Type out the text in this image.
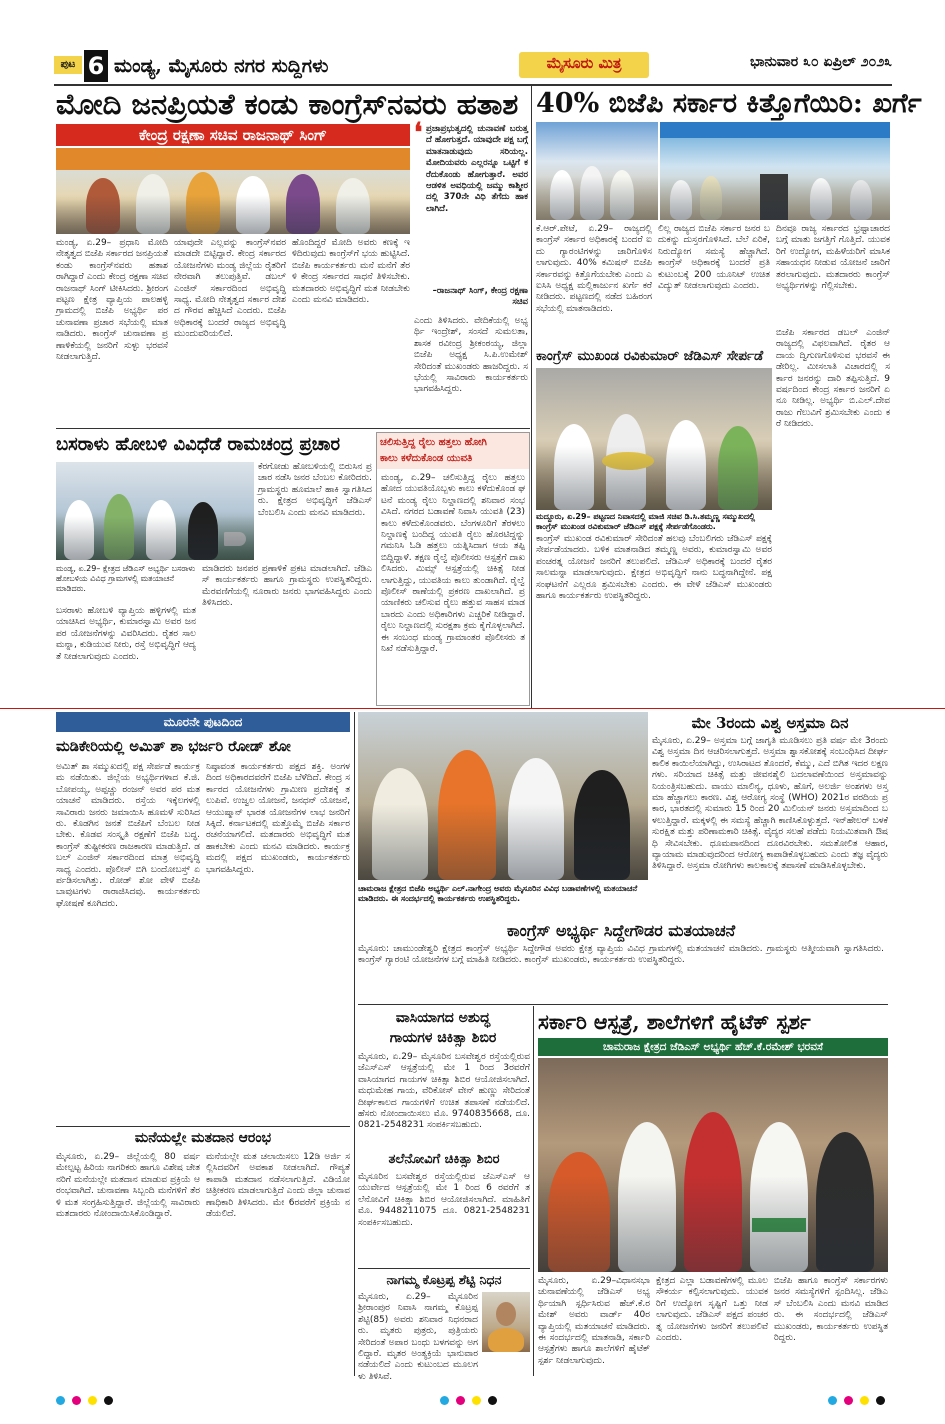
ಪುಟ 6 ಮಂಡ್ಯ, ಮೈಸೂರು ನಗರ ಸುದ್ದಿಗಳು	ಮೈಸೂರು ಮಿತ್ರ	ಭಾನುವಾರ ೩೦ ಏಪ್ರಿಲ್ ೨೦೨೩
ಮೋದಿ ಜನಪ್ರಿಯತೆ ಕಂಡು ಕಾಂಗ್ರೆಸ್‌ನವರು ಹತಾಶ
ಕೇಂದ್ರ ರಕ್ಷಣಾ ಸಚಿವ ರಾಜನಾಥ್ ಸಿಂಗ್	❛ ಪ್ರಜಾಪ್ರಭುತ್ವದಲ್ಲಿ ಚುನಾವಣೆ ಬರುತ್ತದೆ ಹೋಗುತ್ತದೆ. ಯಾವುದೇ ಪಕ್ಷ ಬಗ್ಗೆ ಮಾತನಾಡುವುದು ಸರಿಯಲ್ಲ. ಮೋದಿಯವರು ಎಲ್ಲರನ್ನೂ ಒಟ್ಟಿಗೆ ಕರೆದುಕೊಂಡು ಹೋಗುತ್ತಾರೆ. ಅವರ ಆಡಳಿತ ಅವಧಿಯಲ್ಲಿ ಜಮ್ಮು ಕಾಶ್ಮೀರದಲ್ಲಿ 370ನೇ ವಿಧಿ ತೆಗೆದು ಹಾಕಲಾಗಿದೆ.
–ರಾಜನಾಥ್ ಸಿಂಗ್, ಕೇಂದ್ರ ರಕ್ಷಣಾ ಸಚಿವ
ಮಂಡ್ಯ, ಏ.29– ಪ್ರಧಾನಿ ಮೋದಿ ನೇತೃತ್ವದ ಬಿಜೆಪಿ ಸರ್ಕಾರದ ಜನಪ್ರಿಯತೆ ಕಂಡು ಕಾಂಗ್ರೆಸ್‌ನವರು ಹತಾಶರಾಗಿದ್ದಾರೆ ಎಂದು ಕೇಂದ್ರ ರಕ್ಷಣಾ ಸಚಿವ ರಾಜನಾಥ್ ಸಿಂಗ್ ಟೀಕಿಸಿದರು. ಶ್ರೀರಂಗಪಟ್ಟಣ ಕ್ಷೇತ್ರ ವ್ಯಾಪ್ತಿಯ ಪಾಲಹಳ್ಳಿ ಗ್ರಾಮದಲ್ಲಿ ಬಿಜೆಪಿ ಅಭ್ಯರ್ಥಿ ಪರ ಚುನಾವಣಾ ಪ್ರಚಾರ ಸಭೆಯಲ್ಲಿ ಮಾತನಾಡಿದರು. ಕಾಂಗ್ರೆಸ್ ಚುನಾವಣಾ ಪ್ರಣಾಳಿಕೆಯಲ್ಲಿ ಜನರಿಗೆ ಸುಳ್ಳು ಭರವಸೆ ನೀಡಲಾಗುತ್ತಿದೆ.
ಯಾವುದೇ ಎಲ್ಲವನ್ನು ಕಾಂಗ್ರೆಸ್‌ನವರ ಮಾಡದೇ ಬಿಟ್ಟಿದ್ದಾರೆ. ಕೇಂದ್ರ ಸರ್ಕಾರದ ಯೋಜನೆಗಳು ಮಂಡ್ಯ ಜಿಲ್ಲೆಯ ರೈತರಿಗೆ ನೇರವಾಗಿ ತಲುಪುತ್ತಿವೆ. ಡಬಲ್ ಎಂಜಿನ್ ಸರ್ಕಾರದಿಂದ ಅಭಿವೃದ್ಧಿ ಸಾಧ್ಯ. ಮೋದಿ ನೇತೃತ್ವದ ಸರ್ಕಾರ ದೇಶದ ಗೌರವ ಹೆಚ್ಚಿಸಿದೆ ಎಂದರು. ಬಿಜೆಪಿ ಅಧಿಕಾರಕ್ಕೆ ಬಂದರೆ ರಾಜ್ಯದ ಅಭಿವೃದ್ಧಿ ಮುಂದುವರಿಯಲಿದೆ.
ಹೊಂದಿದ್ದರೆ ಮೋದಿ ಅವರು ಕಣಕ್ಕೆ ಇಳಿದಿರುವುದು ಕಾಂಗ್ರೆಸ್‌ಗೆ ಭಯ ಹುಟ್ಟಿಸಿದೆ. ಬಿಜೆಪಿ ಕಾರ್ಯಕರ್ತರು ಮನೆ ಮನೆಗೆ ತೆರಳಿ ಕೇಂದ್ರ ಸರ್ಕಾರದ ಸಾಧನೆ ತಿಳಿಸಬೇಕು. ಮತದಾರರು ಅಭಿವೃದ್ಧಿಗೆ ಮತ ನೀಡಬೇಕು ಎಂದು ಮನವಿ ಮಾಡಿದರು.
ಎಂದು ತಿಳಿಸಿದರು. ವೇದಿಕೆಯಲ್ಲಿ ಅಭ್ಯರ್ಥಿ ಇಂದ್ರೇಶ್, ಸಂಸದೆ ಸುಮಲತಾ, ಶಾಸಕ ರವೀಂದ್ರ ಶ್ರೀಕಂಠಯ್ಯ, ಜಿಲ್ಲಾ ಬಿಜೆಪಿ ಅಧ್ಯಕ್ಷ ಸಿ.ಪಿ.ಉಮೇಶ್ ಸೇರಿದಂತೆ ಮುಖಂಡರು ಹಾಜರಿದ್ದರು. ಸಭೆಯಲ್ಲಿ ಸಾವಿರಾರು ಕಾರ್ಯಕರ್ತರು ಭಾಗವಹಿಸಿದ್ದರು.
40% ಬಿಜೆಪಿ ಸರ್ಕಾರ ಕಿತ್ತೊಗೆಯಿರಿ: ಖರ್ಗೆ
ಕೆ.ಆರ್.ಪೇಟೆ, ಏ.29– ರಾಜ್ಯದಲ್ಲಿ ಕಾಂಗ್ರೆಸ್ ಸರ್ಕಾರ ಅಧಿಕಾರಕ್ಕೆ ಬಂದರೆ ಐದು ಗ್ಯಾರಂಟಿಗಳನ್ನು ಜಾರಿಗೊಳಿಸಲಾಗುವುದು. 40% ಕಮಿಷನ್ ಬಿಜೆಪಿ ಸರ್ಕಾರವನ್ನು ಕಿತ್ತೊಗೆಯಬೇಕು ಎಂದು ಎಐಸಿಸಿ ಅಧ್ಯಕ್ಷ ಮಲ್ಲಿಕಾರ್ಜುನ ಖರ್ಗೆ ಕರೆ ನೀಡಿದರು. ಪಟ್ಟಣದಲ್ಲಿ ನಡೆದ ಬಹಿರಂಗ ಸಭೆಯಲ್ಲಿ ಮಾತನಾಡಿದರು.
ಲಿಲ್ಲ ರಾಜ್ಯದ ಬಿಜೆಪಿ ಸರ್ಕಾರ ಜನರ ಬದುಕನ್ನು ದುಸ್ತರಗೊಳಿಸಿದೆ. ಬೆಲೆ ಏರಿಕೆ, ನಿರುದ್ಯೋಗ ಸಮಸ್ಯೆ ಹೆಚ್ಚಾಗಿದೆ. ಕಾಂಗ್ರೆಸ್ ಅಧಿಕಾರಕ್ಕೆ ಬಂದರೆ ಪ್ರತಿ ಕುಟುಂಬಕ್ಕೆ 200 ಯೂನಿಟ್ ಉಚಿತ ವಿದ್ಯುತ್ ನೀಡಲಾಗುವುದು ಎಂದರು.
ದಿನವೂ ರಾಜ್ಯ ಸರ್ಕಾರದ ಭ್ರಷ್ಟಾಚಾರದ ಬಗ್ಗೆ ಮಾತು ಜಗತ್ತಿಗೆ ಗೊತ್ತಿದೆ. ಯುವಕರಿಗೆ ಉದ್ಯೋಗ, ಮಹಿಳೆಯರಿಗೆ ಮಾಸಿಕ ಸಹಾಯಧನ ನೀಡುವ ಯೋಜನೆ ಜಾರಿಗೆ ತರಲಾಗುವುದು. ಮತದಾರರು ಕಾಂಗ್ರೆಸ್ ಅಭ್ಯರ್ಥಿಗಳನ್ನು ಗೆಲ್ಲಿಸಬೇಕು.
ಬಿಜೆಪಿ ಸರ್ಕಾರದ ಡಬಲ್ ಎಂಜಿನ್ ರಾಜ್ಯದಲ್ಲಿ ವಿಫಲವಾಗಿದೆ. ರೈತರ ಆದಾಯ ದ್ವಿಗುಣಗೊಳಿಸುವ ಭರವಸೆ ಈಡೇರಿಲ್ಲ. ಮೀಸಲಾತಿ ವಿಚಾರದಲ್ಲಿ ಸರ್ಕಾರ ಜನರನ್ನು ದಾರಿ ತಪ್ಪಿಸುತ್ತಿದೆ. 9 ವರ್ಷದಿಂದ ಕೇಂದ್ರ ಸರ್ಕಾರ ಜನರಿಗೆ ಏನೂ ನೀಡಿಲ್ಲ. ಅಭ್ಯರ್ಥಿ ಬಿ.ಎಲ್.ದೇವರಾಜು ಗೆಲುವಿಗೆ ಶ್ರಮಿಸಬೇಕು ಎಂದು ಕರೆ ನೀಡಿದರು.
ಕಾಂಗ್ರೆಸ್ ಮುಖಂಡ ರವಿಕುಮಾರ್ ಜೆಡಿಎಸ್ ಸೇರ್ಪಡೆ
ಮದ್ದೂರು, ಏ.29– ಪಟ್ಟಣದ ನಿವಾಸದಲ್ಲಿ ಮಾಜಿ ಸಚಿವ ಡಿ.ಸಿ.ತಮ್ಮಣ್ಣ ಸಮ್ಮುಖದಲ್ಲಿ ಕಾಂಗ್ರೆಸ್ ಮುಖಂಡ ರವಿಕುಮಾರ್ ಜೆಡಿಎಸ್ ಪಕ್ಷಕ್ಕೆ ಸೇರ್ಪಡೆಗೊಂಡರು.
ಕಾಂಗ್ರೆಸ್ ಮುಖಂಡ ರವಿಕುಮಾರ್ ಸೇರಿದಂತೆ ಹಲವು ಬೆಂಬಲಿಗರು ಜೆಡಿಎಸ್ ಪಕ್ಷಕ್ಕೆ ಸೇರ್ಪಡೆಯಾದರು. ಬಳಿಕ ಮಾತನಾಡಿದ ತಮ್ಮಣ್ಣ ಅವರು, ಕುಮಾರಸ್ವಾಮಿ ಅವರ ಪಂಚರತ್ನ ಯೋಜನೆ ಜನರಿಗೆ ತಲುಪಲಿದೆ. ಜೆಡಿಎಸ್ ಅಧಿಕಾರಕ್ಕೆ ಬಂದರೆ ರೈತರ ಸಾಲಮನ್ನಾ ಮಾಡಲಾಗುವುದು. ಕ್ಷೇತ್ರದ ಅಭಿವೃದ್ಧಿಗೆ ನಾನು ಬದ್ಧನಾಗಿದ್ದೇನೆ. ಪಕ್ಷ ಸಂಘಟನೆಗೆ ಎಲ್ಲರೂ ಶ್ರಮಿಸಬೇಕು ಎಂದರು. ಈ ವೇಳೆ ಜೆಡಿಎಸ್ ಮುಖಂಡರು ಹಾಗೂ ಕಾರ್ಯಕರ್ತರು ಉಪಸ್ಥಿತರಿದ್ದರು.
ಬಸರಾಳು ಹೋಬಳಿ ವಿವಿಧೆಡೆ ರಾಮಚಂದ್ರ ಪ್ರಚಾರ
ಕೆರಗೋಡು ಹೋಬಳಿಯಲ್ಲಿ ಬಿರುಸಿನ ಪ್ರಚಾರ ನಡೆಸಿ ಜನರ ಬೆಂಬಲ ಕೋರಿದರು. ಗ್ರಾಮಸ್ಥರು ಹೂಮಾಲೆ ಹಾಕಿ ಸ್ವಾಗತಿಸಿದರು. ಕ್ಷೇತ್ರದ ಅಭಿವೃದ್ಧಿಗೆ ಜೆಡಿಎಸ್ ಬೆಂಬಲಿಸಿ ಎಂದು ಮನವಿ ಮಾಡಿದರು.
ಮಂಡ್ಯ, ಏ.29– ಕ್ಷೇತ್ರದ ಜೆಡಿಎಸ್ ಅಭ್ಯರ್ಥಿ ಬಸರಾಳು ಹೋಬಳಿಯ ವಿವಿಧ ಗ್ರಾಮಗಳಲ್ಲಿ ಮತಯಾಚನೆ ಮಾಡಿದರು.
ಬಸರಾಳು ಹೋಬಳಿ ವ್ಯಾಪ್ತಿಯ ಹಳ್ಳಿಗಳಲ್ಲಿ ಮತ ಯಾಚಿಸಿದ ಅಭ್ಯರ್ಥಿ, ಕುಮಾರಸ್ವಾಮಿ ಅವರ ಜನಪರ ಯೋಜನೆಗಳನ್ನು ವಿವರಿಸಿದರು. ರೈತರ ಸಾಲಮನ್ನಾ, ಕುಡಿಯುವ ನೀರು, ರಸ್ತೆ ಅಭಿವೃದ್ಧಿಗೆ ಆದ್ಯತೆ ನೀಡಲಾಗುವುದು ಎಂದರು.
ಮಾಡಿದರು ಜನಪರ ಪ್ರಣಾಳಿಕೆ ಪ್ರಕಟ ಮಾಡಲಾಗಿದೆ. ಜೆಡಿಎಸ್ ಕಾರ್ಯಕರ್ತರು ಹಾಗೂ ಗ್ರಾಮಸ್ಥರು ಉಪಸ್ಥಿತರಿದ್ದರು. ಮೆರವಣಿಗೆಯಲ್ಲಿ ನೂರಾರು ಜನರು ಭಾಗವಹಿಸಿದ್ದರು ಎಂದು ತಿಳಿಸಿದರು.
ಚಲಿಸುತ್ತಿದ್ದ ರೈಲು ಹತ್ತಲು ಹೋಗಿ
ಕಾಲು ಕಳೆದುಕೊಂಡ ಯುವತಿ
ಮಂಡ್ಯ, ಏ.29– ಚಲಿಸುತ್ತಿದ್ದ ರೈಲು ಹತ್ತಲು ಹೋದ ಯುವತಿಯೊಬ್ಬಳು ಕಾಲು ಕಳೆದುಕೊಂಡ ಘಟನೆ ಮಂಡ್ಯ ರೈಲು ನಿಲ್ದಾಣದಲ್ಲಿ ಶನಿವಾರ ಸಂಭವಿಸಿದೆ. ನಗರದ ಬಡಾವಣೆ ನಿವಾಸಿ ಯುವತಿ (23) ಕಾಲು ಕಳೆದುಕೊಂಡವರು. ಬೆಂಗಳೂರಿಗೆ ತೆರಳಲು ನಿಲ್ದಾಣಕ್ಕೆ ಬಂದಿದ್ದ ಯುವತಿ ರೈಲು ಹೊರಟಿದ್ದನ್ನು ಗಮನಿಸಿ ಓಡಿ ಹತ್ತಲು ಯತ್ನಿಸಿದಾಗ ಆಯ ತಪ್ಪಿ ಬಿದ್ದಿದ್ದಾಳೆ. ತಕ್ಷಣ ರೈಲ್ವೆ ಪೊಲೀಸರು ಆಸ್ಪತ್ರೆಗೆ ದಾಖಲಿಸಿದರು. ಮಿಮ್ಸ್ ಆಸ್ಪತ್ರೆಯಲ್ಲಿ ಚಿಕಿತ್ಸೆ ನೀಡಲಾಗುತ್ತಿದ್ದು, ಯುವತಿಯ ಕಾಲು ತುಂಡಾಗಿದೆ. ರೈಲ್ವೆ ಪೊಲೀಸ್ ಠಾಣೆಯಲ್ಲಿ ಪ್ರಕರಣ ದಾಖಲಾಗಿದೆ. ಪ್ರಯಾಣಿಕರು ಚಲಿಸುವ ರೈಲು ಹತ್ತುವ ಸಾಹಸ ಮಾಡಬಾರದು ಎಂದು ಅಧಿಕಾರಿಗಳು ಎಚ್ಚರಿಕೆ ನೀಡಿದ್ದಾರೆ. ರೈಲು ನಿಲ್ದಾಣದಲ್ಲಿ ಸುರಕ್ಷತಾ ಕ್ರಮ ಕೈಗೊಳ್ಳಲಾಗಿದೆ. ಈ ಸಂಬಂಧ ಮಂಡ್ಯ ಗ್ರಾಮಾಂತರ ಪೊಲೀಸರು ತನಿಖೆ ನಡೆಸುತ್ತಿದ್ದಾರೆ.
ಮೂರನೇ ಪುಟದಿಂದ
ಮಡಿಕೇರಿಯಲ್ಲಿ ಅಮಿತ್ ಶಾ ಭರ್ಜರಿ ರೋಡ್ ಶೋ
ಅಮಿತ್ ಶಾ ಸಮ್ಮುಖದಲ್ಲಿ ಪಕ್ಷ ಸೇರ್ಪಡೆ ಕಾರ್ಯಕ್ರಮ ನಡೆಯಿತು. ಜಿಲ್ಲೆಯ ಅಭ್ಯರ್ಥಿಗಳಾದ ಕೆ.ಜಿ.ಬೋಪಯ್ಯ, ಅಪ್ಪಚ್ಚು ರಂಜನ್ ಅವರ ಪರ ಮತಯಾಚನೆ ಮಾಡಿದರು. ರಸ್ತೆಯ ಇಕ್ಕೆಲಗಳಲ್ಲಿ ಸಾವಿರಾರು ಜನರು ಜಮಾಯಿಸಿ ಹೂಮಳೆ ಸುರಿಸಿದರು. ಕೊಡಗಿನ ಜನತೆ ಬಿಜೆಪಿಗೆ ಬೆಂಬಲ ನೀಡಬೇಕು. ಕೊಡವ ಸಂಸ್ಕೃತಿ ರಕ್ಷಣೆಗೆ ಬಿಜೆಪಿ ಬದ್ಧ. ಕಾಂಗ್ರೆಸ್ ತುಷ್ಟೀಕರಣ ರಾಜಕಾರಣ ಮಾಡುತ್ತಿದೆ. ಡಬಲ್ ಎಂಜಿನ್ ಸರ್ಕಾರದಿಂದ ಮಾತ್ರ ಅಭಿವೃದ್ಧಿ ಸಾಧ್ಯ ಎಂದರು. ಪೊಲೀಸ್ ಬಿಗಿ ಬಂದೋಬಸ್ತ್ ಏರ್ಪಡಿಸಲಾಗಿತ್ತು. ರೋಡ್ ಶೋ ವೇಳೆ ಬಿಜೆಪಿ ಬಾವುಟಗಳು ರಾರಾಜಿಸಿದವು. ಕಾರ್ಯಕರ್ತರು ಘೋಷಣೆ ಕೂಗಿದರು.
ನಿಷ್ಠಾವಂತ ಕಾರ್ಯಕರ್ತರು ಪಕ್ಷದ ಶಕ್ತಿ. ಅಂಗಳದಿಂದ ಅಧಿಕಾರದವರೆಗೆ ಬಿಜೆಪಿ ಬೆಳೆದಿದೆ. ಕೇಂದ್ರ ಸರ್ಕಾರದ ಯೋಜನೆಗಳು ಗ್ರಾಮೀಣ ಪ್ರದೇಶಕ್ಕೆ ತಲುಪಿವೆ. ಉಜ್ವಲ ಯೋಜನೆ, ಜನಧನ್ ಯೋಜನೆ, ಆಯುಷ್ಮಾನ್ ಭಾರತ ಯೋಜನೆಗಳ ಲಾಭ ಜನರಿಗೆ ಸಿಕ್ಕಿದೆ. ಕರ್ನಾಟಕದಲ್ಲಿ ಮತ್ತೊಮ್ಮೆ ಬಿಜೆಪಿ ಸರ್ಕಾರ ರಚನೆಯಾಗಲಿದೆ. ಮತದಾರರು ಅಭಿವೃದ್ಧಿಗೆ ಮತ ಹಾಕಬೇಕು ಎಂದು ಮನವಿ ಮಾಡಿದರು. ಕಾರ್ಯಕ್ರಮದಲ್ಲಿ ಪಕ್ಷದ ಮುಖಂಡರು, ಕಾರ್ಯಕರ್ತರು ಭಾಗವಹಿಸಿದ್ದರು.
ಮನೆಯಲ್ಲೇ ಮತದಾನ ಆರಂಭ
ಮೈಸೂರು, ಏ.29– ಜಿಲ್ಲೆಯಲ್ಲಿ 80 ವರ್ಷ ಮೇಲ್ಪಟ್ಟ ಹಿರಿಯ ನಾಗರಿಕರು ಹಾಗೂ ವಿಶೇಷ ಚೇತನರಿಗೆ ಮನೆಯಲ್ಲೇ ಮತದಾನ ಮಾಡುವ ಪ್ರಕ್ರಿಯೆ ಆರಂಭವಾಗಿದೆ. ಚುನಾವಣಾ ಸಿಬ್ಬಂದಿ ಮನೆಗಳಿಗೆ ತೆರಳಿ ಮತ ಸಂಗ್ರಹಿಸುತ್ತಿದ್ದಾರೆ. ಜಿಲ್ಲೆಯಲ್ಲಿ ಸಾವಿರಾರು ಮತದಾರರು ನೋಂದಾಯಿಸಿಕೊಂಡಿದ್ದಾರೆ.
ಮನೆಯಲ್ಲೇ ಮತ ಚಲಾಯಿಸಲು 12ಡಿ ಅರ್ಜಿ ಸಲ್ಲಿಸಿದವರಿಗೆ ಅವಕಾಶ ನೀಡಲಾಗಿದೆ. ಗೌಪ್ಯತೆ ಕಾಪಾಡಿ ಮತದಾನ ನಡೆಸಲಾಗುತ್ತಿದೆ. ವಿಡಿಯೋ ಚಿತ್ರೀಕರಣ ಮಾಡಲಾಗುತ್ತಿದೆ ಎಂದು ಜಿಲ್ಲಾ ಚುನಾವಣಾಧಿಕಾರಿ ತಿಳಿಸಿದರು. ಮೇ 6ರವರೆಗೆ ಪ್ರಕ್ರಿಯೆ ನಡೆಯಲಿದೆ.
ಚಾಮರಾಜ ಕ್ಷೇತ್ರದ ಬಿಜೆಪಿ ಅಭ್ಯರ್ಥಿ ಎಲ್.ನಾಗೇಂದ್ರ ಅವರು ಮೈಸೂರಿನ ವಿವಿಧ ಬಡಾವಣೆಗಳಲ್ಲಿ ಮತಯಾಚನೆ ಮಾಡಿದರು. ಈ ಸಂದರ್ಭದಲ್ಲಿ ಕಾರ್ಯಕರ್ತರು ಉಪಸ್ಥಿತರಿದ್ದರು.
ಕಾಂಗ್ರೆಸ್ ಅಭ್ಯರ್ಥಿ ಸಿದ್ದೇಗೌಡರ ಮತಯಾಚನೆ
ಮೈಸೂರು: ಚಾಮುಂಡೇಶ್ವರಿ ಕ್ಷೇತ್ರದ ಕಾಂಗ್ರೆಸ್ ಅಭ್ಯರ್ಥಿ ಸಿದ್ದೇಗೌಡ ಅವರು ಕ್ಷೇತ್ರ ವ್ಯಾಪ್ತಿಯ ವಿವಿಧ ಗ್ರಾಮಗಳಲ್ಲಿ ಮತಯಾಚನೆ ಮಾಡಿದರು. ಗ್ರಾಮಸ್ಥರು ಆತ್ಮೀಯವಾಗಿ ಸ್ವಾಗತಿಸಿದರು. ಕಾಂಗ್ರೆಸ್ ಗ್ಯಾರಂಟಿ ಯೋಜನೆಗಳ ಬಗ್ಗೆ ಮಾಹಿತಿ ನೀಡಿದರು. ಕಾಂಗ್ರೆಸ್ ಮುಖಂಡರು, ಕಾರ್ಯಕರ್ತರು ಉಪಸ್ಥಿತರಿದ್ದರು.
ಮೇ 3ರಂದು ವಿಶ್ವ ಅಸ್ತಮಾ ದಿನ
ಮೈಸೂರು, ಏ.29– ಅಸ್ತಮಾ ಬಗ್ಗೆ ಜಾಗೃತಿ ಮೂಡಿಸಲು ಪ್ರತಿ ವರ್ಷ ಮೇ 3ರಂದು ವಿಶ್ವ ಅಸ್ತಮಾ ದಿನ ಆಚರಿಸಲಾಗುತ್ತದೆ. ಅಸ್ತಮಾ ಶ್ವಾಸಕೋಶಕ್ಕೆ ಸಂಬಂಧಿಸಿದ ದೀರ್ಘಕಾಲಿಕ ಕಾಯಿಲೆಯಾಗಿದ್ದು, ಉಸಿರಾಟದ ತೊಂದರೆ, ಕೆಮ್ಮು, ಎದೆ ಬಿಗಿತ ಇದರ ಲಕ್ಷಣಗಳು. ಸರಿಯಾದ ಚಿಕಿತ್ಸೆ ಮತ್ತು ಜೀವನಶೈಲಿ ಬದಲಾವಣೆಯಿಂದ ಅಸ್ತಮಾವನ್ನು ನಿಯಂತ್ರಿಸಬಹುದು. ವಾಯು ಮಾಲಿನ್ಯ, ಧೂಳು, ಹೊಗೆ, ಅಲರ್ಜಿ ಅಂಶಗಳು ಅಸ್ತಮಾ ಹೆಚ್ಚಾಗಲು ಕಾರಣ. ವಿಶ್ವ ಆರೋಗ್ಯ ಸಂಸ್ಥೆ (WHO) 2021ರ ವರದಿಯ ಪ್ರಕಾರ, ಭಾರತದಲ್ಲಿ ಸುಮಾರು 15 ರಿಂದ 20 ಮಿಲಿಯನ್ ಜನರು ಅಸ್ತಮಾದಿಂದ ಬಳಲುತ್ತಿದ್ದಾರೆ. ಮಕ್ಕಳಲ್ಲಿ ಈ ಸಮಸ್ಯೆ ಹೆಚ್ಚಾಗಿ ಕಾಣಿಸಿಕೊಳ್ಳುತ್ತದೆ. ಇನ್‌ಹೇಲರ್ ಬಳಕೆ ಸುರಕ್ಷಿತ ಮತ್ತು ಪರಿಣಾಮಕಾರಿ ಚಿಕಿತ್ಸೆ. ವೈದ್ಯರ ಸಲಹೆ ಪಡೆದು ನಿಯಮಿತವಾಗಿ ಔಷಧಿ ಸೇವಿಸಬೇಕು. ಧೂಮಪಾನದಿಂದ ದೂರವಿರಬೇಕು. ಸಮತೋಲಿತ ಆಹಾರ, ವ್ಯಾಯಾಮ ಮಾಡುವುದರಿಂದ ಆರೋಗ್ಯ ಕಾಪಾಡಿಕೊಳ್ಳಬಹುದು ಎಂದು ತಜ್ಞ ವೈದ್ಯರು ತಿಳಿಸಿದ್ದಾರೆ. ಅಸ್ತಮಾ ರೋಗಿಗಳು ಕಾಲಕಾಲಕ್ಕೆ ತಪಾಸಣೆ ಮಾಡಿಸಿಕೊಳ್ಳಬೇಕು.
ವಾಸಿಯಾಗದ ಅಶುದ್ಧ
ಗಾಯಗಳ ಚಿಕಿತ್ಸಾ ಶಿಬಿರ
ಮೈಸೂರು, ಏ.29– ಮೈಸೂರಿನ ಬಸವೇಶ್ವರ ರಸ್ತೆಯಲ್ಲಿರುವ ಜೆಎಸ್‌ಎಸ್ ಆಸ್ಪತ್ರೆಯಲ್ಲಿ ಮೇ 1 ರಿಂದ 3ರವರೆಗೆ ವಾಸಿಯಾಗದ ಗಾಯಗಳ ಚಿಕಿತ್ಸಾ ಶಿಬಿರ ಆಯೋಜಿಸಲಾಗಿದೆ. ಮಧುಮೇಹ ಗಾಯ, ವೆರಿಕೋಸ್ ವೇನ್ ಹುಣ್ಣು ಸೇರಿದಂತೆ ದೀರ್ಘಕಾಲದ ಗಾಯಗಳಿಗೆ ಉಚಿತ ತಪಾಸಣೆ ನಡೆಯಲಿದೆ. ಹೆಸರು ನೋಂದಾಯಿಸಲು ಮೊ. 9740835668, ದೂ. 0821-2548231 ಸಂಪರ್ಕಿಸಬಹುದು.
ತಲೆನೋವಿಗೆ ಚಿಕಿತ್ಸಾ ಶಿಬಿರ
ಮೈಸೂರಿನ ಬಸವೇಶ್ವರ ರಸ್ತೆಯಲ್ಲಿರುವ ಜೆಎಸ್‌ಎಸ್ ಆಯುರ್ವೇದ ಆಸ್ಪತ್ರೆಯಲ್ಲಿ ಮೇ 1 ರಿಂದ 6 ರವರೆಗೆ ತಲೆನೋವಿಗೆ ಚಿಕಿತ್ಸಾ ಶಿಬಿರ ಆಯೋಜಿಸಲಾಗಿದೆ. ಮಾಹಿತಿಗೆ ಮೊ. 9448211075 ದೂ. 0821-2548231 ಸಂಪರ್ಕಿಸಬಹುದು.
ನಾಗಮ್ಮ ಕೊಟ್ರಪ್ಪ ಶೆಟ್ಟಿ ನಿಧನ
ಮೈಸೂರು, ಏ.29– ಮೈಸೂರಿನ ಶ್ರೀರಾಂಪುರ ನಿವಾಸಿ ನಾಗಮ್ಮ ಕೊಟ್ರಪ್ಪ ಶೆಟ್ಟಿ(85) ಅವರು ಶನಿವಾರ ನಿಧನರಾದರು. ಮೃತರು ಪುತ್ರರು, ಪುತ್ರಿಯರು ಸೇರಿದಂತೆ ಅಪಾರ ಬಂಧು ಬಳಗವನ್ನು ಅಗಲಿದ್ದಾರೆ. ಮೃತರ ಅಂತ್ಯಕ್ರಿಯೆ ಭಾನುವಾರ ನಡೆಯಲಿದೆ ಎಂದು ಕುಟುಂಬದ ಮೂಲಗಳು ತಿಳಿಸಿವೆ.
ಸರ್ಕಾರಿ ಆಸ್ಪತ್ರೆ, ಶಾಲೆಗಳಿಗೆ ಹೈಟೆಕ್ ಸ್ಪರ್ಶ
ಚಾಮರಾಜ ಕ್ಷೇತ್ರದ ಜೆಡಿಎಸ್ ಅಭ್ಯರ್ಥಿ ಹೆಚ್.ಕೆ.ರಮೇಶ್ ಭರವಸೆ
ಮೈಸೂರು, ಏ.29–ವಿಧಾನಸಭಾ ಚುನಾವಣೆಯಲ್ಲಿ ಜೆಡಿಎಸ್ ಅಭ್ಯರ್ಥಿಯಾಗಿ ಸ್ಪರ್ಧಿಸಿರುವ ಹೆಚ್.ಕೆ.ರಮೇಶ್ ಅವರು ವಾರ್ಡ್ 40ರ ವ್ಯಾಪ್ತಿಯಲ್ಲಿ ಮತಯಾಚನೆ ಮಾಡಿದರು. ಈ ಸಂದರ್ಭದಲ್ಲಿ ಮಾತನಾಡಿ, ಸರ್ಕಾರಿ ಆಸ್ಪತ್ರೆಗಳು ಹಾಗೂ ಶಾಲೆಗಳಿಗೆ ಹೈಟೆಕ್ ಸ್ಪರ್ಶ ನೀಡಲಾಗುವುದು.
ಕ್ಷೇತ್ರದ ಎಲ್ಲಾ ಬಡಾವಣೆಗಳಲ್ಲಿ ಮೂಲಸೌಕರ್ಯ ಕಲ್ಪಿಸಲಾಗುವುದು. ಯುವಕರಿಗೆ ಉದ್ಯೋಗ ಸೃಷ್ಟಿಗೆ ಒತ್ತು ನೀಡಲಾಗುವುದು. ಜೆಡಿಎಸ್ ಪಕ್ಷದ ಪಂಚರತ್ನ ಯೋಜನೆಗಳು ಜನರಿಗೆ ತಲುಪಲಿವೆ ಎಂದರು.
ಬಿಜೆಪಿ ಹಾಗೂ ಕಾಂಗ್ರೆಸ್ ಸರ್ಕಾರಗಳು ಜನರ ಸಮಸ್ಯೆಗಳಿಗೆ ಸ್ಪಂದಿಸಿಲ್ಲ. ಜೆಡಿಎಸ್ ಬೆಂಬಲಿಸಿ ಎಂದು ಮನವಿ ಮಾಡಿದರು. ಈ ಸಂದರ್ಭದಲ್ಲಿ ಜೆಡಿಎಸ್ ಮುಖಂಡರು, ಕಾರ್ಯಕರ್ತರು ಉಪಸ್ಥಿತರಿದ್ದರು.
